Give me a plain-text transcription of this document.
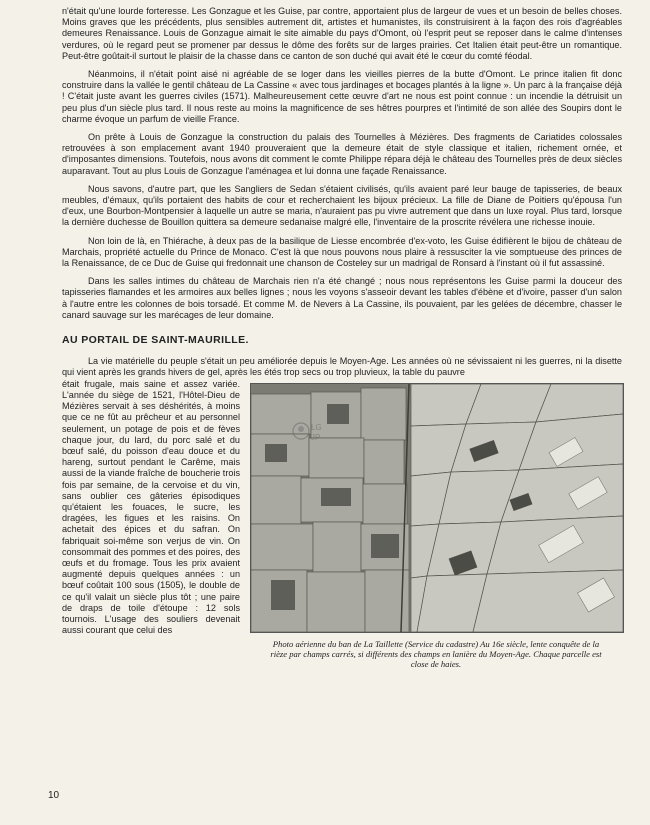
n'était qu'une lourde forteresse. Les Gonzague et les Guise, par contre, apportaient plus de largeur de vues et un besoin de belles choses. Moins graves que les précédents, plus sensibles autrement dit, artistes et humanistes, ils construisirent à la façon des rois d'agréables demeures Renaissance. Louis de Gonzague aimait le site aimable du pays d'Omont, où l'esprit peut se reposer dans le calme d'intenses verdures, où le regard peut se promener par dessus le dôme des forêts sur de larges prairies. Cet Italien était peut-être un romantique. Peut-être goûtait-il surtout le plaisir de la chasse dans ce canton de son duché qui avait été le cœur du comté féodal.

Néanmoins, il n'était point aisé ni agréable de se loger dans les vieilles pierres de la butte d'Omont. Le prince italien fit donc construire dans la vallée le gentil château de La Cassine « avec tous jardinages et bocages plantés à la ligne ». Un parc à la française déjà ! C'était juste avant les guerres civiles (1571). Malheureusement cette œuvre d'art ne nous est point connue : un incendie la détruisit un peu plus d'un siècle plus tard. Il nous reste au moins la magnificence de ses hêtres pourpres et l'intimité de son allée des Soupirs dont le charme évoque un parfum de vieille France.

On prête à Louis de Gonzague la construction du palais des Tournelles à Mézières. Des fragments de Cariatides colossales retrouvées à son emplacement avant 1940 prouveraient que la demeure était de style classique et italien, richement ornée, et d'imposantes dimensions. Toutefois, nous avons dit comment le comte Philippe répara déjà le château des Tournelles près de deux siècles auparavant. Tout au plus Louis de Gonzague l'aménagea et lui donna une façade Renaissance.

Nous savons, d'autre part, que les Sangliers de Sedan s'étaient civilisés, qu'ils avaient paré leur bauge de tapisseries, de beaux meubles, d'émaux, qu'ils portaient des habits de cour et recherchaient les bijoux précieux. La fille de Diane de Poitiers qu'épousa l'un d'eux, une Bourbon-Montpensier à laquelle un autre se maria, n'auraient pas pu vivre autrement que dans un luxe royal. Plus tard, lorsque la dernière duchesse de Bouillon quittera sa demeure sedanaise malgré elle, l'inventaire de la proscrite révélera une richesse inouie.

Non loin de là, en Thiérache, à deux pas de la basilique de Liesse encombrée d'ex-voto, les Guise édifièrent le bijou de château de Marchais, propriété actuelle du Prince de Monaco. C'est là que nous pouvons nous plaire à ressusciter la vie somptueuse des princes de la Renaissance, de ce Duc de Guise qui fredonnait une chanson de Costeley sur un madrigal de Ronsard à l'instant où il fut assassiné.

Dans les salles intimes du château de Marchais rien n'a été changé ; nous nous représentons les Guise parmi la douceur des tapisseries flamandes et les armoires aux belles lignes ; nous les voyons s'asseoir devant les tables d'ébène et d'ivoire, passer d'un salon à l'autre entre les colonnes de bois torsadé. Et comme M. de Nevers à La Cassine, ils pouvaient, par les gelées de décembre, chasser le canard sauvage sur les marécages de leur domaine.

AU PORTAIL DE SAINT-MAURILLE.
La vie matérielle du peuple s'était un peu améliorée depuis le Moyen-Age. Les années où ne sévissaient ni les guerres, ni la disette qui vient après les grands hivers de gel, après les étés trop secs ou trop pluvieux, la table du pauvre
Photo aérienne du ban de La Taillette (Service du cadastre) Au 16e siècle, lente conquête de la rièze par champs carrés, si différents des champs en lanière du Moyen-Age. Chaque parcelle est close de haies.
était frugale, mais saine et assez variée. L'année du siège de 1521, l'Hôtel-Dieu de Mézières servait à ses déshérités, à moins que ce ne fût au prêcheur et au personnel seulement, un potage de pois et de fèves chaque jour, du lard, du porc salé et du bœuf salé, du poisson d'eau douce et du hareng, surtout pendant le Carême, mais aussi de la viande fraîche de boucherie trois fois par semaine, de la cervoise et du vin, sans oublier ces gâteries épisodiques qu'étaient les fouaces, le sucre, les dragées, les figues et les raisins. On achetait des épices et du safran. On fabriquait soi-même son verjus de vin. On consommait des pommes et des poires, des œufs et du fromage. Tous les prix avaient augmenté depuis quelques années : un bœuf coûtait 100 sous (1505), le double de ce qu'il valait un siècle plus tôt ; une paire de draps de toile d'étoupe : 12 sols tournois. L'usage des souliers devenait aussi courant que celui des
LG
JP
10
